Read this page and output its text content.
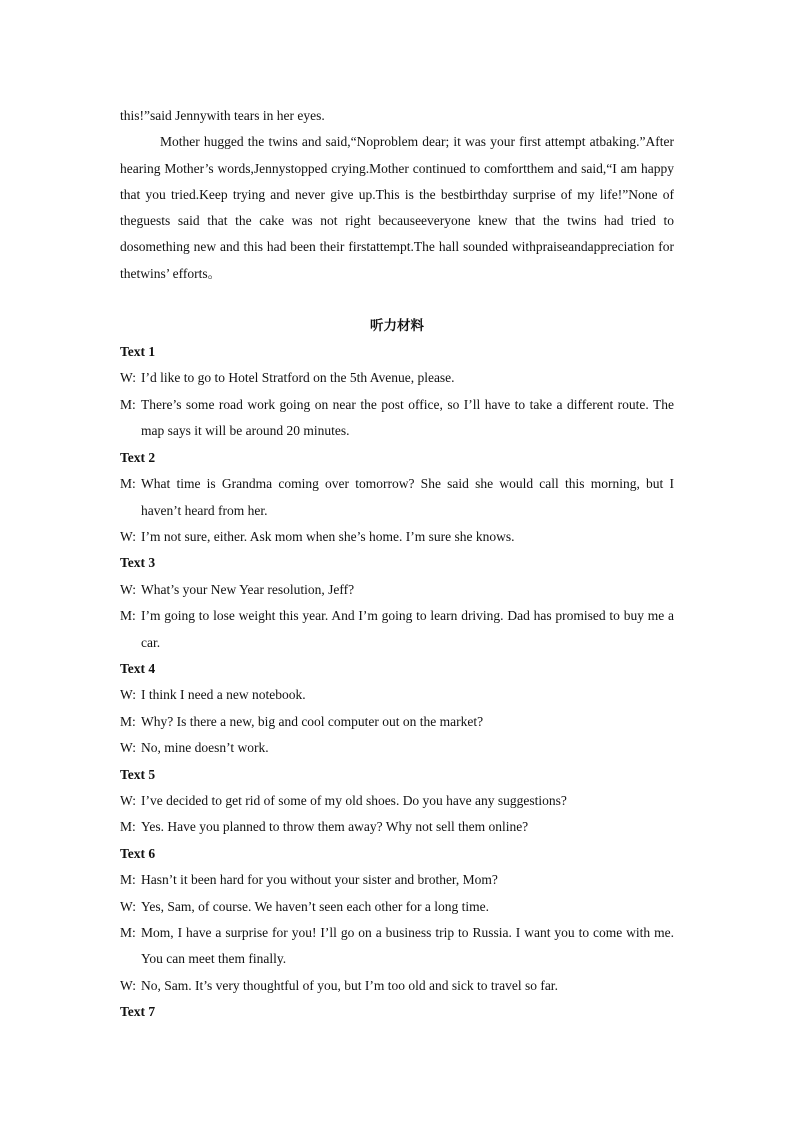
this!”said Jennywith tears in her eyes.

Mother hugged the twins and said,“Noproblem dear; it was your first attempt atbaking.”After hearing Mother’s words,Jennystopped crying.Mother continued to comfortthem and said,“I am happy that you tried.Keep trying and never give up.This is the bestbirthday surprise of my life!”None of theguests said that the cake was not right becauseeveryone knew that the twins had tried to dosomething new and this had been their firstattempt.The hall sounded withpraiseandappreciation for thetwins’ efforts。

听力材料

Text 1

W: I’d like to go to Hotel Stratford on the 5th Avenue, please.
M: There’s some road work going on near the post office, so I’ll have to take a different route. The map says it will be around 20 minutes.

Text 2

M: What time is Grandma coming over tomorrow? She said she would call this morning, but I haven’t heard from her.
W: I’m not sure, either. Ask mom when she’s home. I’m sure she knows.

Text 3

W: What’s your New Year resolution, Jeff?
M: I’m going to lose weight this year. And I’m going to learn driving. Dad has promised to buy me a car.

Text 4

W: I think I need a new notebook.
M: Why? Is there a new, big and cool computer out on the market?
W: No, mine doesn’t work.

Text 5

W: I’ve decided to get rid of some of my old shoes. Do you have any suggestions?
M: Yes. Have you planned to throw them away? Why not sell them online?

Text 6

M: Hasn’t it been hard for you without your sister and brother, Mom?
W: Yes, Sam, of course. We haven’t seen each other for a long time.
M: Mom, I have a surprise for you! I’ll go on a business trip to Russia. I want you to come with me. You can meet them finally.
W: No, Sam. It’s very thoughtful of you, but I’m too old and sick to travel so far.

Text 7
